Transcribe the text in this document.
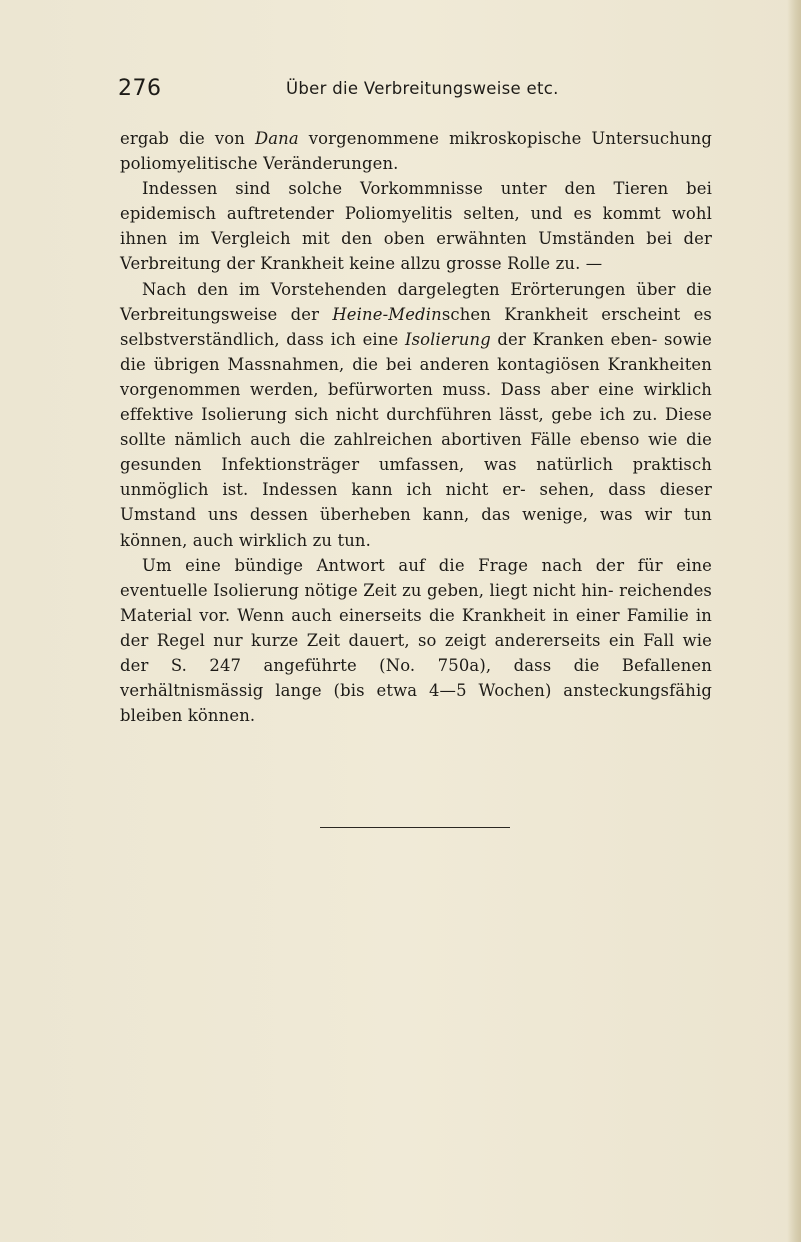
276	Über die Verbreitungsweise etc.

ergab die von Dana vorgenommene mikroskopische Untersuchung poliomyelitische Veränderungen.

Indessen sind solche Vorkommnisse unter den Tieren bei epidemisch auftretender Poliomyelitis selten, und es kommt wohl ihnen im Vergleich mit den oben erwähnten Umständen bei der Verbreitung der Krankheit keine allzu grosse Rolle zu. —

Nach den im Vorstehenden dargelegten Erörterungen über die Verbreitungsweise der Heine-Medinschen Krankheit erscheint es selbstverständlich, dass ich eine Isolierung der Kranken eben- sowie die übrigen Massnahmen, die bei anderen kontagiösen Krankheiten vorgenommen werden, befürworten muss. Dass aber eine wirklich effektive Isolierung sich nicht durchführen lässt, gebe ich zu. Diese sollte nämlich auch die zahlreichen abortiven Fälle ebenso wie die gesunden Infektionsträger umfassen, was natürlich praktisch unmöglich ist. Indessen kann ich nicht er- sehen, dass dieser Umstand uns dessen überheben kann, das wenige, was wir tun können, auch wirklich zu tun.

Um eine bündige Antwort auf die Frage nach der für eine eventuelle Isolierung nötige Zeit zu geben, liegt nicht hin- reichendes Material vor. Wenn auch einerseits die Krankheit in einer Familie in der Regel nur kurze Zeit dauert, so zeigt andererseits ein Fall wie der S. 247 angeführte (No. 750a), dass die Befallenen verhältnismässig lange (bis etwa 4—5 Wochen) ansteckungsfähig bleiben können.
